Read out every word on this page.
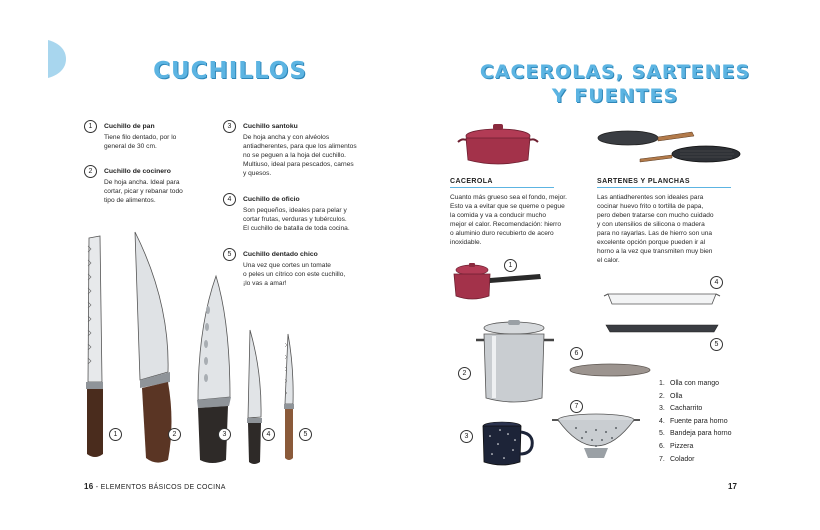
CUCHILLOS
1	Cuchillo de pan
Tiene filo dentado, por lo
general de 30 cm.
2	Cuchillo de cocinero
De hoja ancha. Ideal para
cortar, picar y rebanar todo
tipo de alimentos.
3	Cuchillo santoku
De hoja ancha y con alvéolos
antiadherentes, para que los alimentos
no se peguen a la hoja del cuchillo.
Multiuso, ideal para pescados, carnes
y quesos.
4	Cuchillo de oficio
Son pequeños, ideales para pelar y
cortar frutas, verduras y tubérculos.
El cuchillo de batalla de toda cocina.
5	Cuchillo dentado chico
Una vez que cortes un tomate
o peles un cítrico con este cuchillo,
¡lo vas a amar!
1	2	3	4	5
16 - ELEMENTOS BÁSICOS DE COCINA
CACEROLAS, SARTENES
Y FUENTES
CACEROLA
Cuanto más grueso sea el fondo, mejor.
Esto va a evitar que se queme o pegue
la comida y va a conducir mucho
mejor el calor. Recomendación: hierro
o aluminio duro recubierto de acero
inoxidable.
SARTENES Y PLANCHAS
Las antiadherentes son ideales para
cocinar huevo frito o tortilla de papa,
pero deben tratarse con mucho cuidado
y con utensilios de silicona o madera
para no rayarlas. Las de hierro son una
excelente opción porque pueden ir al
horno a la vez que transmiten muy bien
el calor.
1
2
3
4
5
6
7
1. Olla con mango
2. Olla
3. Cacharrito
4. Fuente para horno
5. Bandeja para horno
6. Pizzera
7. Colador
17
